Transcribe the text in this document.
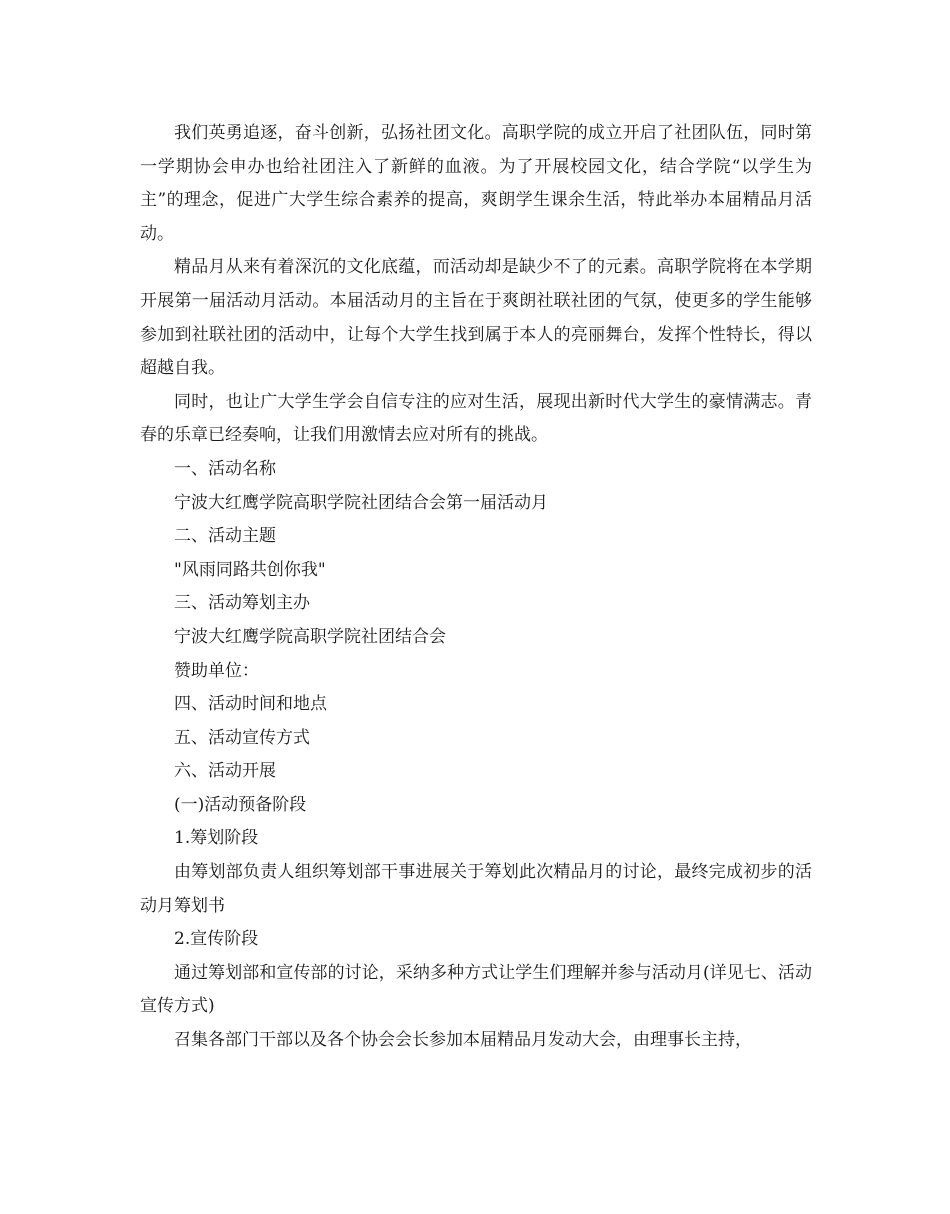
我们英勇追逐，奋斗创新，弘扬社团文化。高职学院的成立开启了社团队伍，同时第一学期协会申办也给社团注入了新鲜的血液。为了开展校园文化，结合学院“以学生为主”的理念，促进广大学生综合素养的提高，爽朗学生课余生活，特此举办本届精品月活动。

精品月从来有着深沉的文化底蕴，而活动却是缺少不了的元素。高职学院将在本学期开展第一届活动月活动。本届活动月的主旨在于爽朗社联社团的气氛，使更多的学生能够参加到社联社团的活动中，让每个大学生找到属于本人的亮丽舞台，发挥个性特长，得以超越自我。

同时，也让广大学生学会自信专注的应对生活，展现出新时代大学生的豪情满志。青春的乐章已经奏响，让我们用激情去应对所有的挑战。

一、活动名称

宁波大红鹰学院高职学院社团结合会第一届活动月

二、活动主题

"风雨同路共创你我"

三、活动筹划主办

宁波大红鹰学院高职学院社团结合会

赞助单位：

四、活动时间和地点

五、活动宣传方式

六、活动开展

(一)活动预备阶段

1.筹划阶段

由筹划部负责人组织筹划部干事进展关于筹划此次精品月的讨论，最终完成初步的活动月筹划书

2.宣传阶段

通过筹划部和宣传部的讨论，采纳多种方式让学生们理解并参与活动月(详见七、活动宣传方式)

召集各部门干部以及各个协会会长参加本届精品月发动大会，由理事长主持，
